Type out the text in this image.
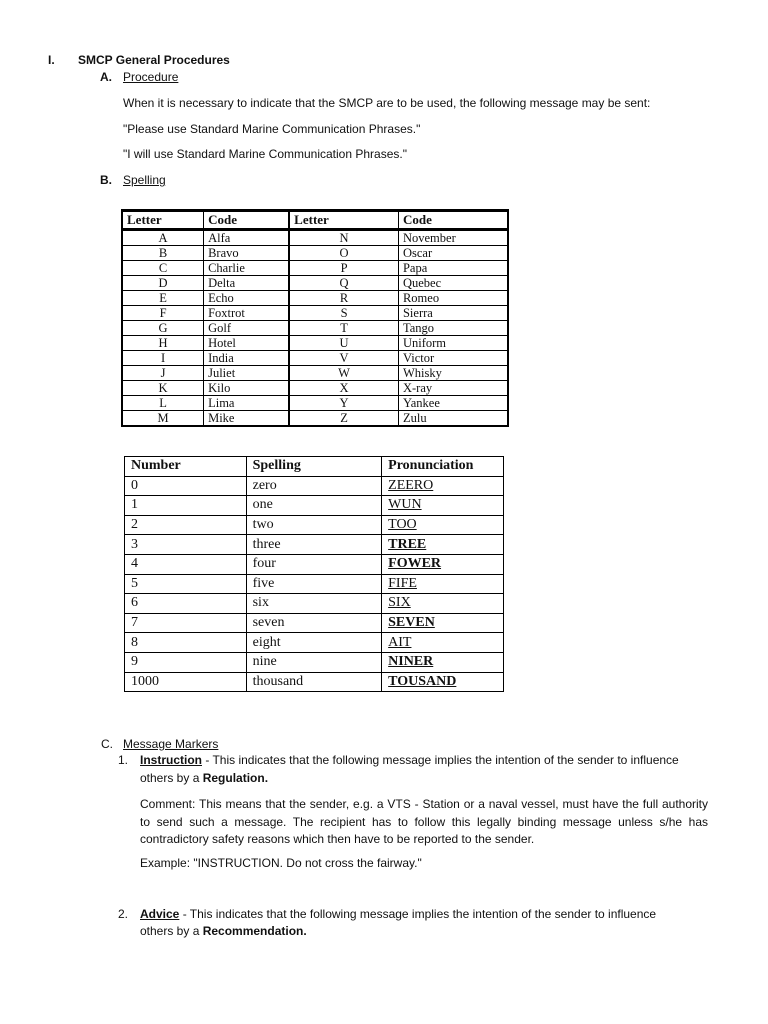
I. SMCP General Procedures
A. Procedure
When it is necessary to indicate that the SMCP are to be used, the following message may be sent:
"Please use Standard Marine Communication Phrases."
"I will use Standard Marine Communication Phrases."
B. Spelling
Letter	Code	Letter	Code
A	Alfa	N	November
B	Bravo	O	Oscar
C	Charlie	P	Papa
D	Delta	Q	Quebec
E	Echo	R	Romeo
F	Foxtrot	S	Sierra
G	Golf	T	Tango
H	Hotel	U	Uniform
I	India	V	Victor
J	Juliet	W	Whisky
K	Kilo	X	X-ray
L	Lima	Y	Yankee
M	Mike	Z	Zulu
Number	Spelling	Pronunciation
0	zero	ZEERO
1	one	WUN
2	two	TOO
3	three	TREE
4	four	FOWER
5	five	FIFE
6	six	SIX
7	seven	SEVEN
8	eight	AIT
9	nine	NINER
1000	thousand	TOUSAND
C. Message Markers
1. Instruction - This indicates that the following message implies the intention of the sender to influence
others by a Regulation.
Comment: This means that the sender, e.g. a VTS - Station or a naval vessel, must have the full authority to send such a message. The recipient has to follow this legally binding message unless s/he has contradictory safety reasons which then have to be reported to the sender.
Example: "INSTRUCTION. Do not cross the fairway."
2. Advice - This indicates that the following message implies the intention of the sender to influence
others by a Recommendation.
